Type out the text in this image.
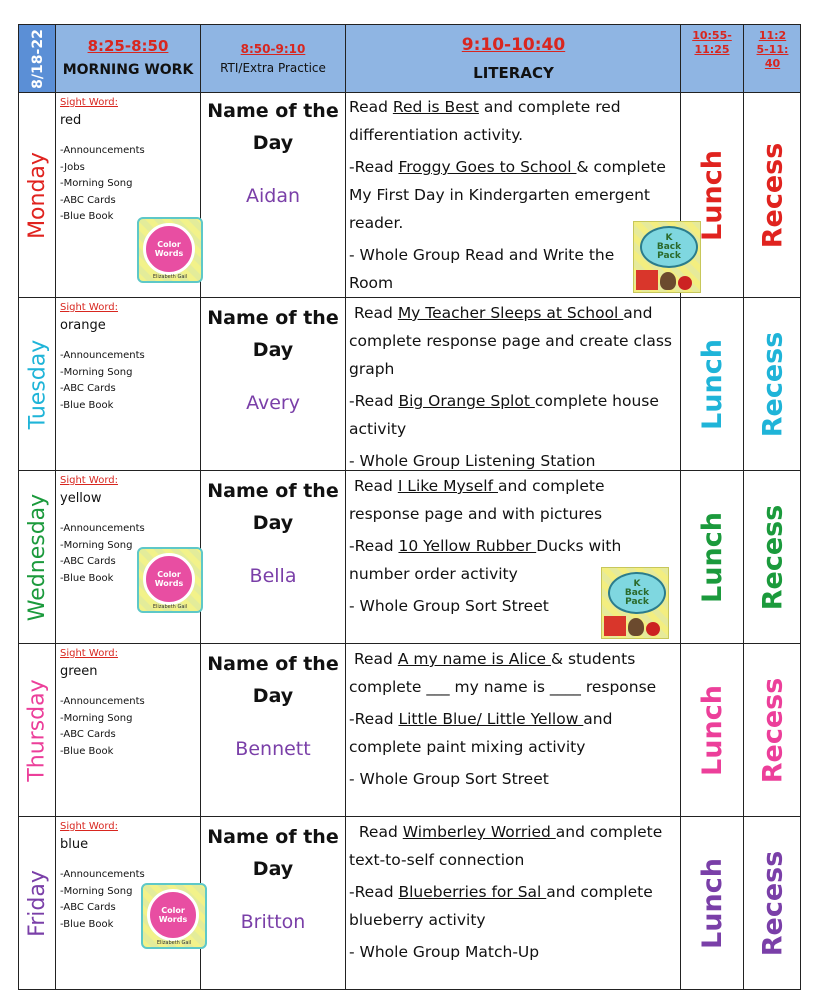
8/18-22	8:25-8:50
MORNING WORK
8:50-9:10
RTI/Extra Practice
9:10-10:40
LITERACY
10:55-11:25
11:25-11:40
Monday
Sight Word:
red
-Announcements
-Jobs
-Morning Song
-ABC Cards
-Blue Book
Color
Words
Elizabeth Gail
Name of the Day
Aidan

Read Red is Best and complete red differentiation activity.

-Read Froggy Goes to School & complete My First Day in Kindergarten emergent reader.

- Whole Group Read and Write the Room

K
Back
Pack
Lunch Recess
Tuesday
Sight Word:
orange
-Announcements
-Morning Song
-ABC Cards
-Blue Book
Name of the Day
Avery

Read My Teacher Sleeps at School and complete response page and create class graph

-Read Big Orange Splot complete house activity

- Whole Group Listening Station

Lunch Recess
Wednesday
Sight Word:
yellow
-Announcements
-Morning Song
-ABC Cards
-Blue Book	Color
Words
Elizabeth Gail
Name of the Day
Bella

Read I Like Myself and complete response page and with pictures

-Read 10 Yellow Rubber Ducks with number order activity

- Whole Group Sort Street

K
Back
Pack Lunch Recess
Thursday
Sight Word:
green
-Announcements
-Morning Song
-ABC Cards
-Blue Book
Name of the Day
Bennett

Read A my name is Alice & students complete ___ my name is ____ response

-Read Little Blue/ Little Yellow and complete paint mixing activity

- Whole Group Sort Street

Lunch Recess
Friday
Sight Word:
blue
-Announcements
-Morning Song
-ABC Cards
-Blue Book
Color
Words
Elizabeth Gail
Name of the Day
Britton

Read Wimberley Worried and complete text-to-self connection

-Read Blueberries for Sal and complete blueberry activity

- Whole Group Match-Up

Lunch Recess
